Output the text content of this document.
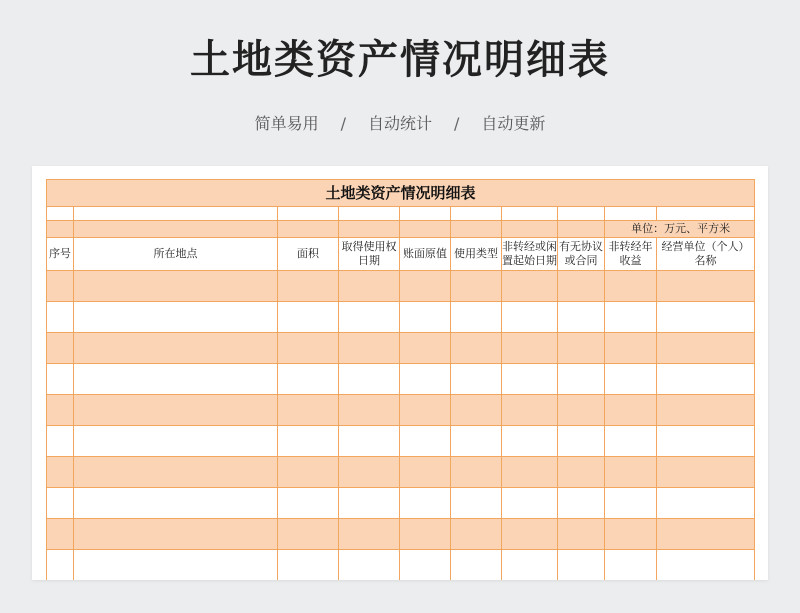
土地类资产情况明细表
简单易用 / 自动统计 / 自动更新
土地类资产情况明细表									

								单位：万元、平方米	

序号	所在地点	面积	取得使用权日期	账面原值	使用类型	非转经或闲置起始日期	有无协议或合同	非转经年收益	经营单位（个人）名称
